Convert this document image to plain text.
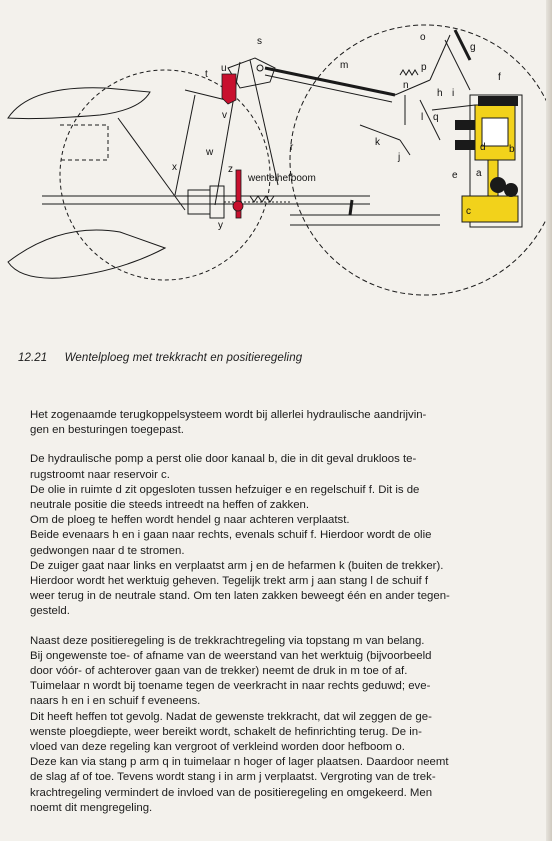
s
m
o
g
p
n
h i
f
l q
r
t
u
v
w
x	z
y
k
j
b
d
e a
c
wentelhefboom
12.21 Wentelploeg met trekkracht en positieregeling

Het zogenaamde terugkoppelsysteem wordt bij allerlei hydraulische aandrijvin-
gen en besturingen toegepast.

De hydraulische pomp a perst olie door kanaal b, die in dit geval drukloos te-
rugstroomt naar reservoir c.
De olie in ruimte d zit opgesloten tussen hefzuiger e en regelschuif f. Dit is de
neutrale positie die steeds intreedt na heffen of zakken.
Om de ploeg te heffen wordt hendel g naar achteren verplaatst.
Beide evenaars h en i gaan naar rechts, evenals schuif f. Hierdoor wordt de olie
gedwongen naar d te stromen.
De zuiger gaat naar links en verplaatst arm j en de hefarmen k (buiten de trekker).
Hierdoor wordt het werktuig geheven. Tegelijk trekt arm j aan stang l de schuif f
weer terug in de neutrale stand. Om ten laten zakken beweegt één en ander tegen-
gesteld.

Naast deze positieregeling is de trekkrachtregeling via topstang m van belang.
Bij ongewenste toe- of afname van de weerstand van het werktuig (bijvoorbeeld
door vóór- of achterover gaan van de trekker) neemt de druk in m toe of af.
Tuimelaar n wordt bij toename tegen de veerkracht in naar rechts geduwd; eve-
naars h en i en schuif f eveneens.
Dit heeft heffen tot gevolg. Nadat de gewenste trekkracht, dat wil zeggen de ge-
wenste ploegdiepte, weer bereikt wordt, schakelt de hefinrichting terug. De in-
vloed van deze regeling kan vergroot of verkleind worden door hefboom o.
Deze kan via stang p arm q in tuimelaar n hoger of lager plaatsen. Daardoor neemt
de slag af of toe. Tevens wordt stang i in arm j verplaatst. Vergroting van de trek-
krachtregeling vermindert de invloed van de positieregeling en omgekeerd. Men
noemt dit mengregeling.
